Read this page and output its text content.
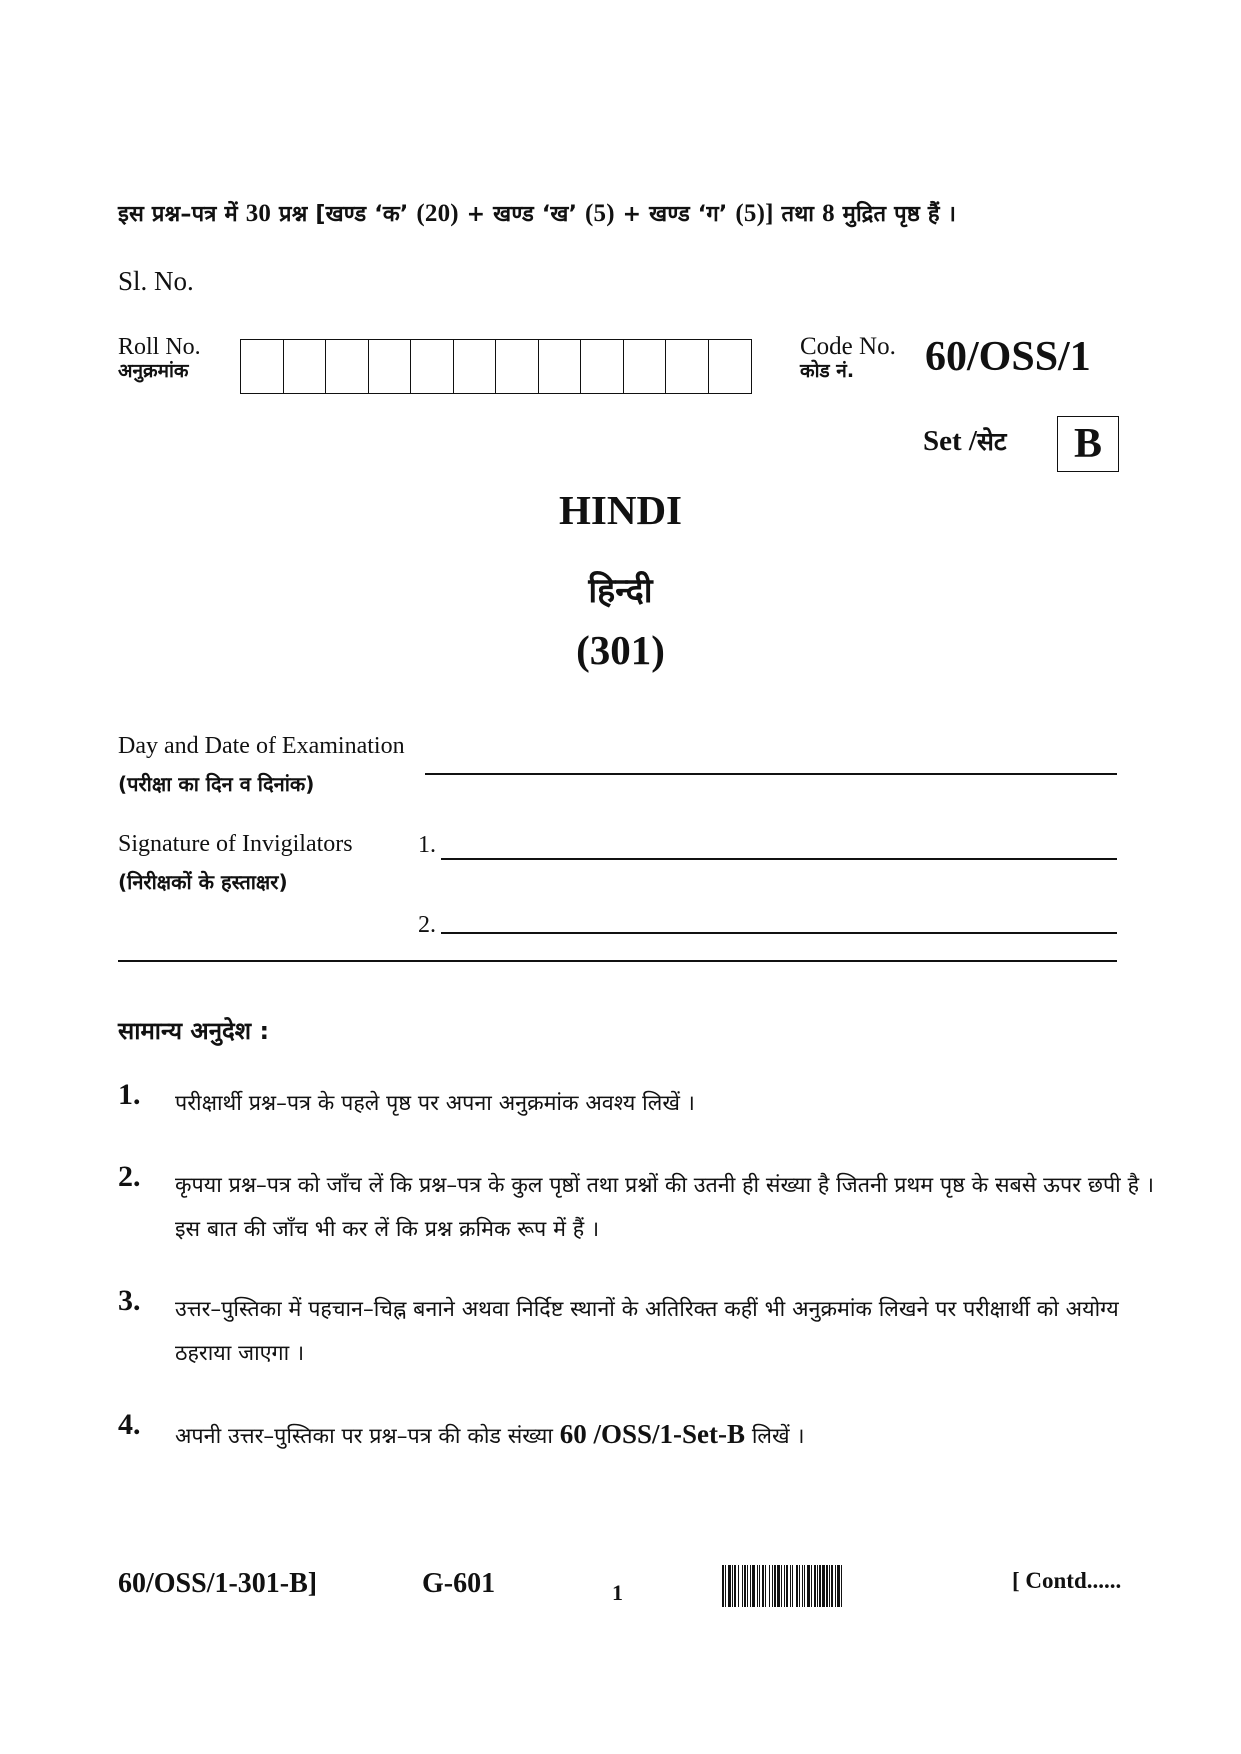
इस प्रश्न–पत्र में 30 प्रश्न [खण्ड ‘क’ (20) + खण्ड ‘ख’ (5) + खण्ड ‘ग’ (5)] तथा 8 मुद्रित पृष्ठ हैं ।
Sl. No.
Roll No.
अनुक्रमांक
Code No.
कोड नं.	60/OSS/1
Set /सेट	B
HINDI
हिन्दी
(301)
Day and Date of Examination
(परीक्षा का दिन व दिनांक)
Signature of Invigilators
(निरीक्षकों के हस्ताक्षर)
1.
2.
सामान्य अनुदेश :
1. परीक्षार्थी प्रश्न–पत्र के पहले पृष्ठ पर अपना अनुक्रमांक अवश्य लिखें ।
2. कृपया प्रश्न–पत्र को जाँच लें कि प्रश्न–पत्र के कुल पृष्ठों तथा प्रश्नों की उतनी ही संख्या है जितनी प्रथम पृष्ठ के सबसे ऊपर छपी है । इस बात की जाँच भी कर लें कि प्रश्न क्रमिक रूप में हैं ।
3. उत्तर–पुस्तिका में पहचान–चिह्न बनाने अथवा निर्दिष्ट स्थानों के अतिरिक्त कहीं भी अनुक्रमांक लिखने पर परीक्षार्थी को अयोग्य ठहराया जाएगा ।
4. अपनी उत्तर–पुस्तिका पर प्रश्न–पत्र की कोड संख्या 60 /OSS/1-Set-B लिखें ।
60/OSS/1-301-B]	G-601	1	[ Contd......
